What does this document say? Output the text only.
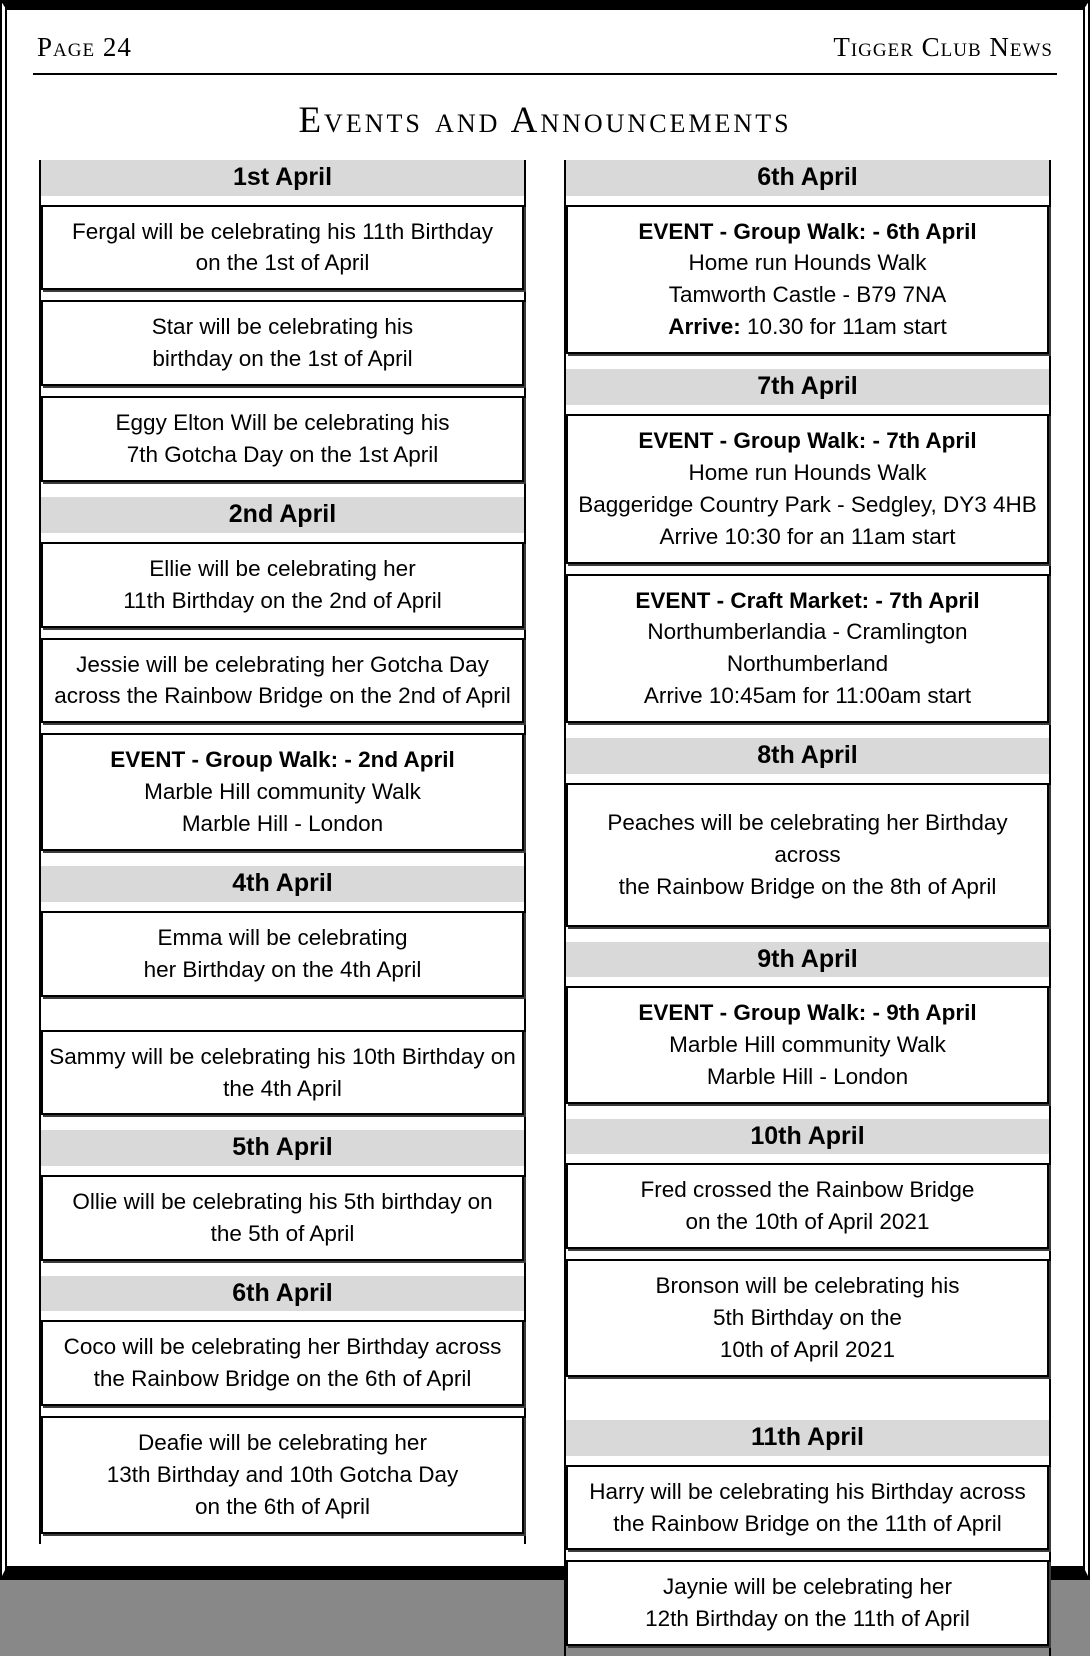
Page 24	Tigger Club News
Events and Announcements
1st April
Fergal will be celebrating his 11th Birthday
on the 1st of April
Star will be celebrating his
birthday on the 1st of April
Eggy Elton Will be celebrating his
7th Gotcha Day on the 1st April
2nd April
Ellie will be celebrating her
11th Birthday on the 2nd of April
Jessie will be celebrating her Gotcha Day
across the Rainbow Bridge on the 2nd of April
EVENT - Group Walk: - 2nd April
Marble Hill community Walk
Marble Hill - London
4th April
Emma will be celebrating
her Birthday on the 4th April
Sammy will be celebrating his 10th Birthday on
the 4th April
5th April
Ollie will be celebrating his 5th birthday on
the 5th of April
6th April
Coco will be celebrating her Birthday across
the Rainbow Bridge on the 6th of April
Deafie will be celebrating her
13th Birthday and 10th Gotcha Day
on the 6th of April
6th April
EVENT - Group Walk: - 6th April
Home run Hounds Walk
Tamworth Castle - B79 7NA
Arrive: 10.30 for 11am start
7th April
EVENT - Group Walk: - 7th April
Home run Hounds Walk
Baggeridge Country Park - Sedgley, DY3 4HB
Arrive 10:30 for an 11am start
EVENT - Craft Market: - 7th April
Northumberlandia - Cramlington
Northumberland
Arrive 10:45am for 11:00am start
8th April
Peaches will be celebrating her Birthday across
the Rainbow Bridge on the 8th of April
9th April
EVENT - Group Walk: - 9th April
Marble Hill community Walk
Marble Hill - London
10th April
Fred crossed the Rainbow Bridge
on the 10th of April 2021
Bronson will be celebrating his
5th Birthday on the
10th of April 2021
11th April
Harry will be celebrating his Birthday across
the Rainbow Bridge on the 11th of April
Jaynie will be celebrating her
12th Birthday on the 11th of April
